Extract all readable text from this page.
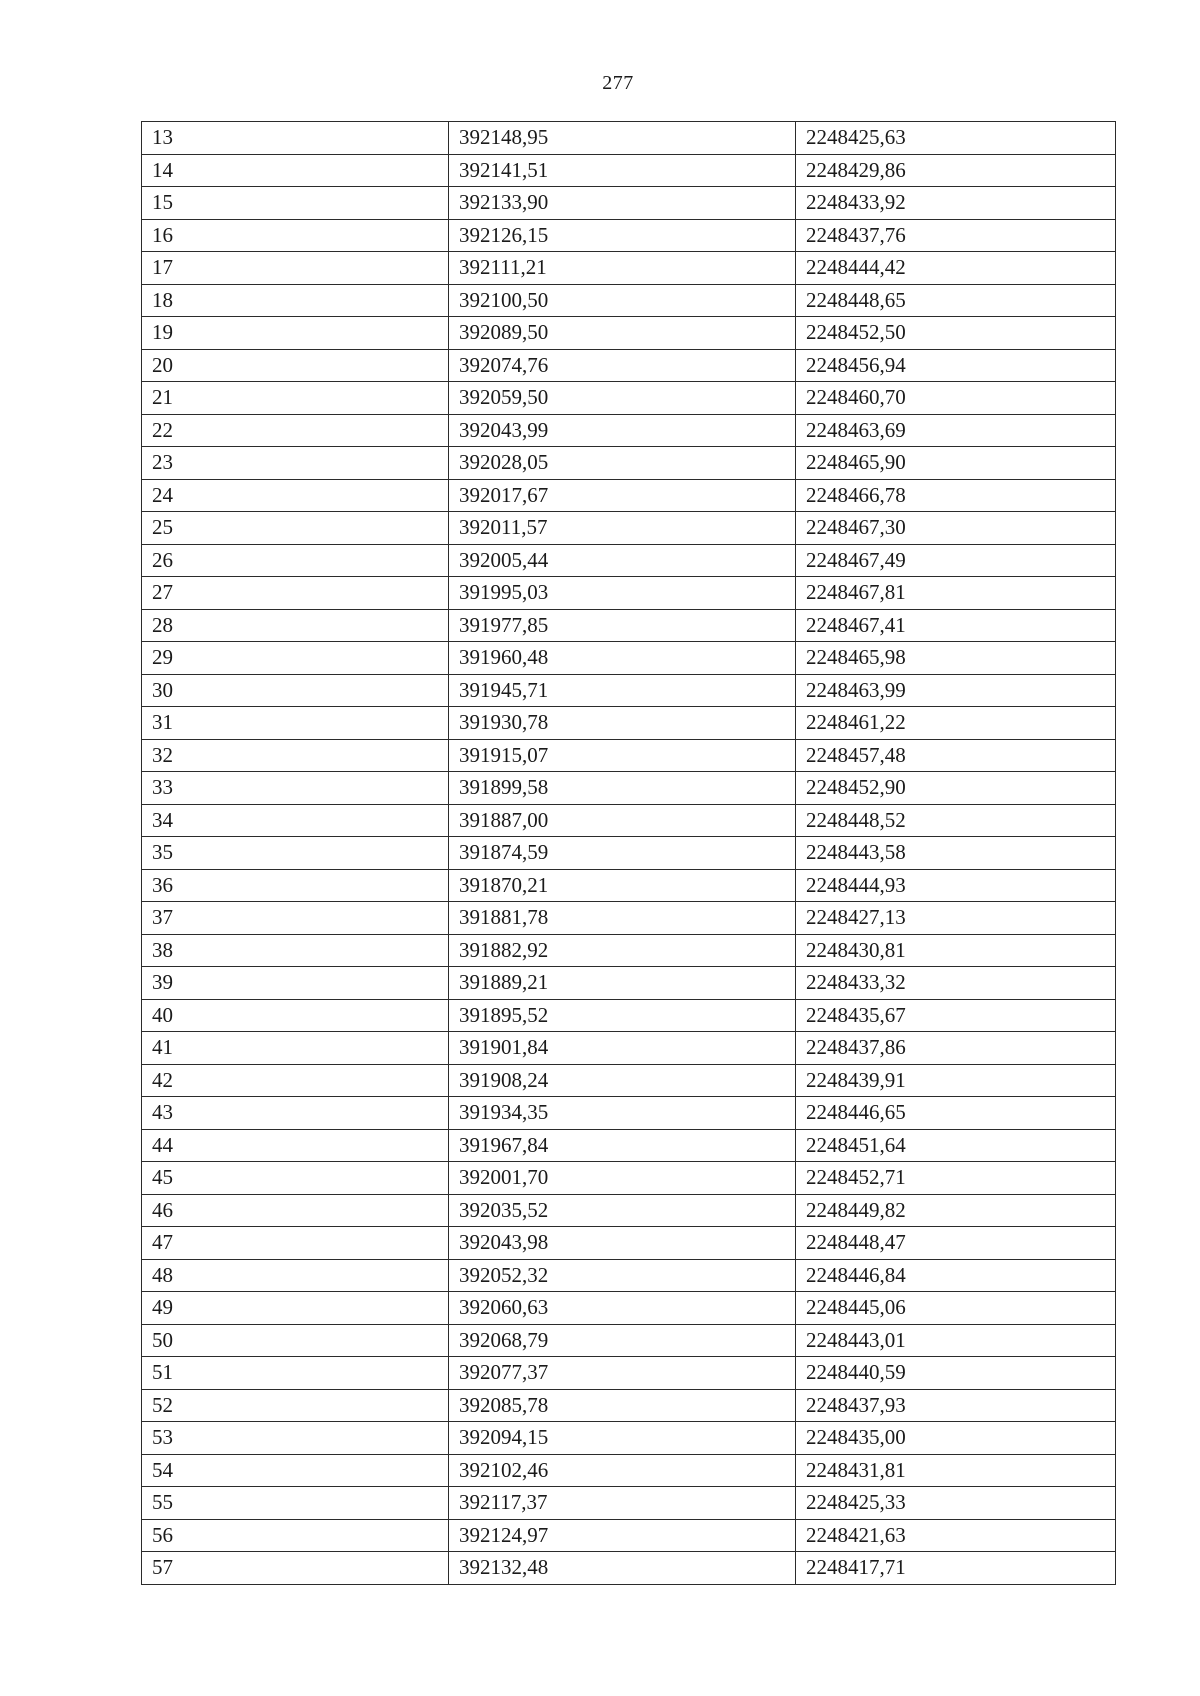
277
13	392148,95	2248425,63
14	392141,51	2248429,86
15	392133,90	2248433,92
16	392126,15	2248437,76
17	392111,21	2248444,42
18	392100,50	2248448,65
19	392089,50	2248452,50
20	392074,76	2248456,94
21	392059,50	2248460,70
22	392043,99	2248463,69
23	392028,05	2248465,90
24	392017,67	2248466,78
25	392011,57	2248467,30
26	392005,44	2248467,49
27	391995,03	2248467,81
28	391977,85	2248467,41
29	391960,48	2248465,98
30	391945,71	2248463,99
31	391930,78	2248461,22
32	391915,07	2248457,48
33	391899,58	2248452,90
34	391887,00	2248448,52
35	391874,59	2248443,58
36	391870,21	2248444,93
37	391881,78	2248427,13
38	391882,92	2248430,81
39	391889,21	2248433,32
40	391895,52	2248435,67
41	391901,84	2248437,86
42	391908,24	2248439,91
43	391934,35	2248446,65
44	391967,84	2248451,64
45	392001,70	2248452,71
46	392035,52	2248449,82
47	392043,98	2248448,47
48	392052,32	2248446,84
49	392060,63	2248445,06
50	392068,79	2248443,01
51	392077,37	2248440,59
52	392085,78	2248437,93
53	392094,15	2248435,00
54	392102,46	2248431,81
55	392117,37	2248425,33
56	392124,97	2248421,63
57	392132,48	2248417,71
